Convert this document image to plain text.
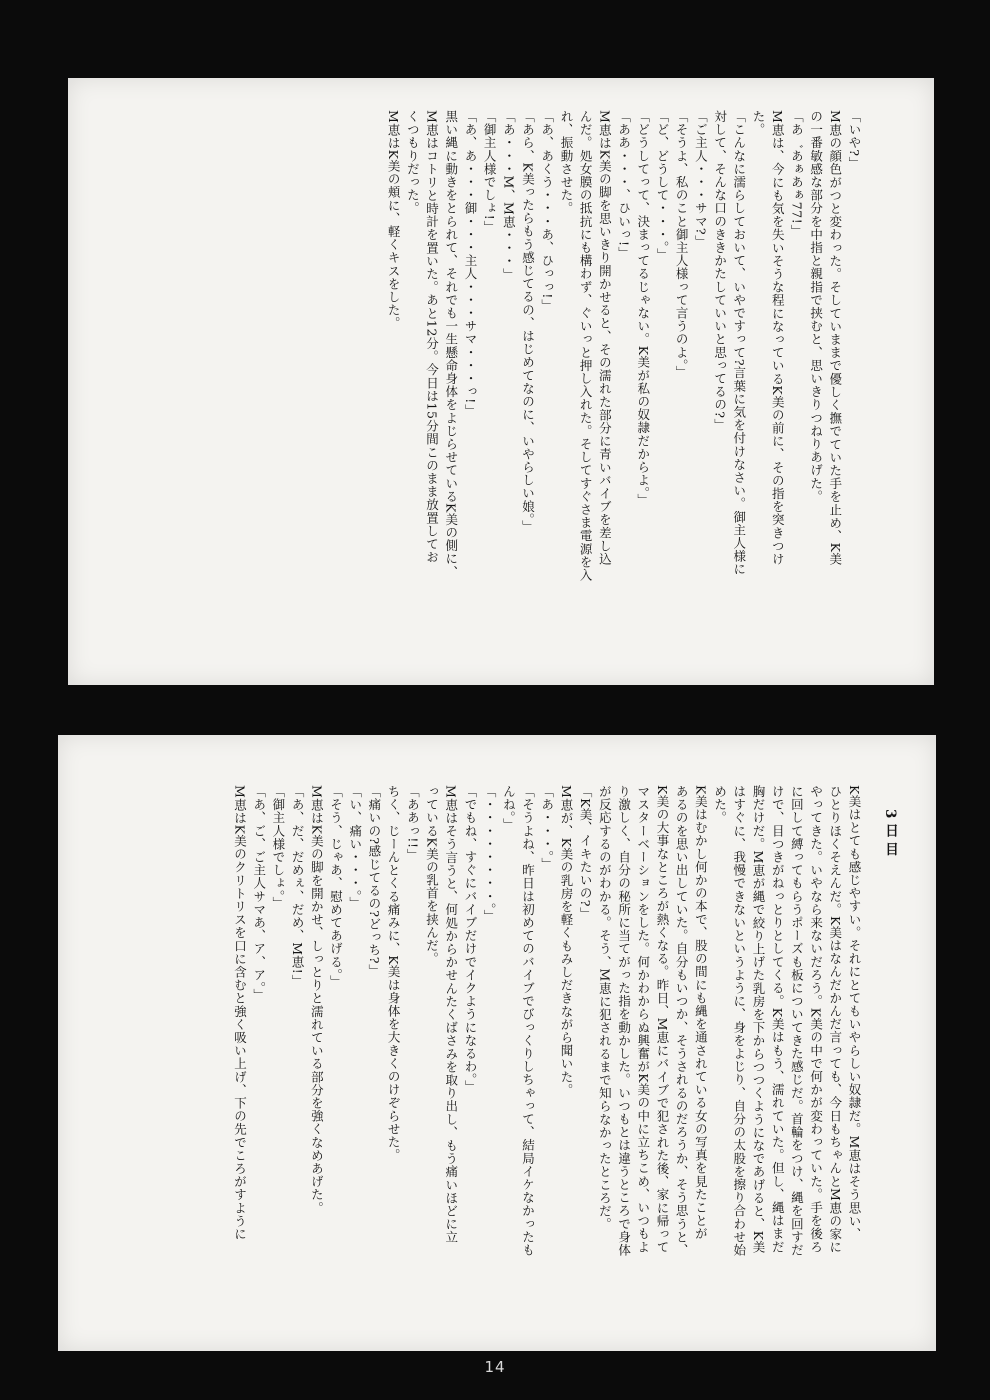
「いや?」
M恵の顔色がつと変わった。そしていままで優しく撫でていた手を止め、K美
の一番敏感な部分を中指と親指で挟むと、思いきりつねりあげた。
「あ゛あぁあぁ77!」
M恵は、今にも気を失いそうな程になっているK美の前に、その指を突きつけ
た。
「こんなに濡らしておいて、いやですって?言葉に気を付けなさい。御主人様に
対して、そんな口のききかたしていいと思ってるの?」
「ご主人・・・サマ?」
「そうよ、私のこと御主人様って言うのよ。」
「ど、どうして・・・。」
「どうしてって、決まってるじゃない。K美が私の奴隷だからよ。」
「ああ・・・、ひいっ!」
M恵はK美の脚を思いきり開かせると、その濡れた部分に青いバイブを差し込
んだ。処女膜の抵抗にも構わず、ぐいっと押し入れた。そしてすぐさま電源を入
れ、振動させた。
「あ、あくう・・・あ、ひっっ!」
「あら、K美ったらもう感じてるの、はじめてなのに、いやらしい娘。」
「あ・・・M、M恵・・・」
「御主人様でしょ!」
「あ、あ・・・御・・・主人・・・サマ・・・っ!」
黒い縄に動きをとられて、それでも一生懸命身体をよじらせているK美の側に、
M恵はコトリと時計を置いた。あと12分。今日は15分間このまま放置してお
くつもりだった。
M恵はK美の頬に、軽くキスをした。
3日目
K美はとても感じやすい。それにとてもいやらしい奴隷だ。M恵はそう思い、
ひとりほくそえんだ。K美はなんだかんだ言っても、今日もちゃんとM恵の家に
やってきた。いやなら来ないだろう。K美の中で何かが変わっていた。手を後ろ
に回して縛ってもらうポーズも板についてきた感じだ。首輪をつけ、縄を回すだ
けで、目つきがねっとりとしてくる。K美はもう、濡れていた。但し、縄はまだ
胸だけだ。M恵が縄で絞り上げた乳房を下からつつくようになであげると、K美
はすぐに、我慢できないというように、身をよじり、自分の太股を擦り合わせ始
めた。
K美はむかし何かの本で、股の間にも縄を通されている女の写真を見たことが
あるのを思い出していた。自分もいつか、そうされるのだろうか、そう思うと、
K美の大事なところが熱くなる。昨日、M恵にバイブで犯された後、家に帰って
マスターベーションをした。何かわからぬ興奮がK美の中に立ちこめ、いつもよ
り激しく、自分の秘所に当てがった指を動かした。いつもとは違うところで身体
が反応するのがわかる。そう、M恵に犯されるまで知らなかったところだ。
「K美、イキたいの?」
M恵が、K美の乳房を軽くもみしだきながら聞いた。
「あ・・・。」
「そうよね、昨日は初めてのバイブでびっくりしちゃって、結局イケなかったも
んね。」
「・・・・・・・・。」
「でもね、すぐにバイブだけでイクようになるわ。」
M恵はそう言うと、何処からかせんたくばさみを取り出し、もう痛いほどに立
っているK美の乳首を挟んだ。
「ああっ!!」
ちく、じーんとくる痛みに、K美は身体を大きくのけぞらせた。
「痛いの?感じてるの?どっち?」
「い、痛い・・・。」
「そう、じゃあ、慰めてあげる。」
M恵はK美の脚を開かせ、しっとりと濡れている部分を強くなめあげた。
「あ、だ、だめぇ、だめ、M恵!」
「御主人様でしょ。」
「あ、ご、ご主人サマあ、ア、ア。」
M恵はK美のクリトリスを口に含むと強く吸い上げ、下の先でころがすように
14
